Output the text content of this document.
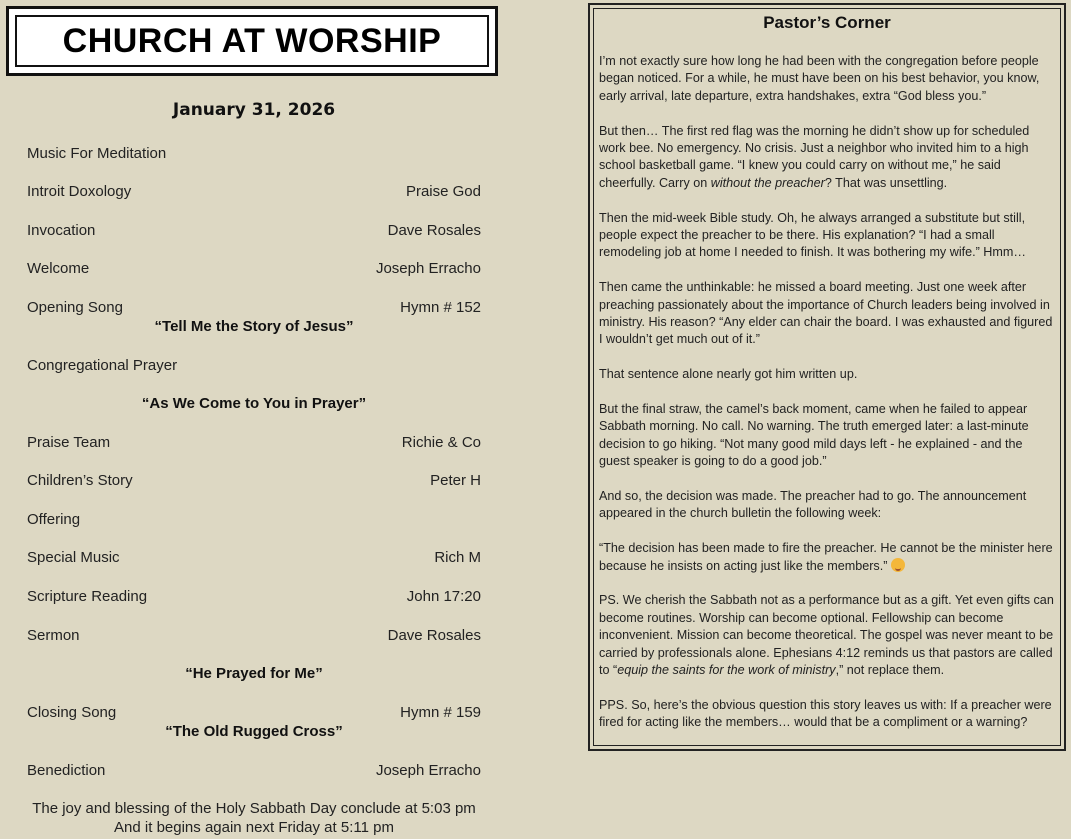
CHURCH AT WORSHIP
January 31, 2026
Music For Meditation
Introit Doxology	Praise God
Invocation	Dave Rosales
Welcome	Joseph Erracho
Opening Song	Hymn # 152
“Tell Me the Story of Jesus”
Congregational Prayer
“As We Come to You in Prayer”
Praise Team	Richie & Co
Children’s Story	Peter H
Offering
Special Music	Rich M
Scripture Reading	John 17:20
Sermon	Dave Rosales
“He Prayed for Me”
Closing Song	Hymn # 159
“The Old Rugged Cross”
Benediction	Joseph Erracho
The joy and blessing of the Holy Sabbath Day conclude at 5:03 pm
And it begins again next Friday at 5:11 pm
Pastor’s Corner

I’m not exactly sure how long he had been with the congregation before people began noticed. For a while, he must have been on his best behavior, you know, early arrival, late departure, extra handshakes, extra “God bless you.”

But then… The first red flag was the morning he didn’t show up for scheduled work bee. No emergency. No crisis. Just a neighbor who invited him to a high school basketball game. “I knew you could carry on without me,” he said cheerfully. Carry on without the preacher? That was unsettling.

Then the mid-week Bible study. Oh, he always arranged a substitute but still, people expect the preacher to be there. His explanation? “I had a small remodeling job at home I needed to finish. It was bothering my wife.” Hmm…

Then came the unthinkable: he missed a board meeting. Just one week after preaching passionately about the importance of Church leaders being involved in ministry. His reason? “Any elder can chair the board. I was exhausted and figured I wouldn’t get much out of it.”

That sentence alone nearly got him written up.

But the final straw, the camel’s back moment, came when he failed to appear Sabbath morning. No call. No warning. The truth emerged later: a last-minute decision to go hiking. “Not many good mild days left - he explained - and the guest speaker is going to do a good job.”

And so, the decision was made. The preacher had to go. The announcement appeared in the church bulletin the following week:

“The decision has been made to fire the preacher. He cannot be the minister here because he insists on acting just like the members.”

PS. We cherish the Sabbath not as a performance but as a gift. Yet even gifts can become routines. Worship can become optional. Fellowship can become inconvenient. Mission can become theoretical. The gospel was never meant to be carried by professionals alone. Ephesians 4:12 reminds us that pastors are called to “equip the saints for the work of ministry,” not replace them.

PPS. So, here’s the obvious question this story leaves us with: If a preacher were fired for acting like the members… would that be a compliment or a warning?
